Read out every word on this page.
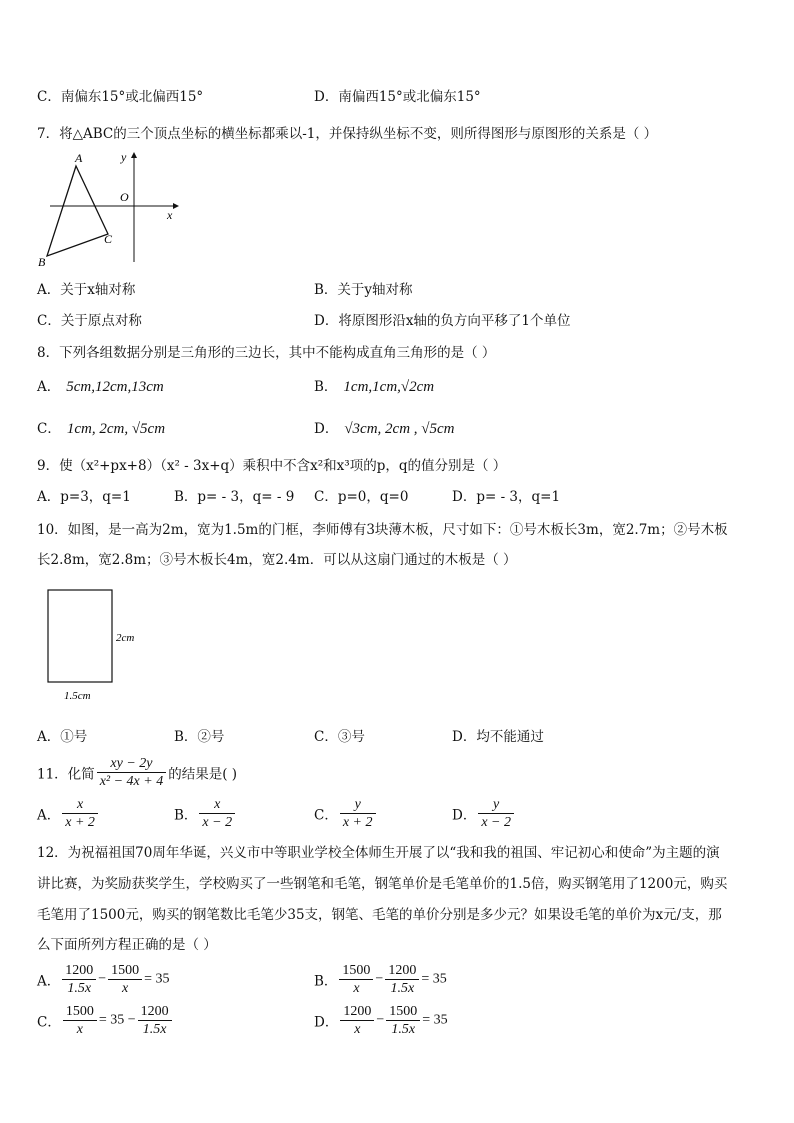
C．南偏东15°或北偏西15°	D．南偏西15°或北偏东15°
7．将△ABC的三个顶点坐标的横坐标都乘以-1，并保持纵坐标不变，则所得图形与原图形的关系是（ ）
A
B
C
O
x
y
A．关于x轴对称	B．关于y轴对称
C．关于原点对称	D．将原图形沿x轴的负方向平移了1个单位
8．下列各组数据分别是三角形的三边长，其中不能构成直角三角形的是（ ）
A． 5cm,12cm,13cm	B． 1cm,1cm,√2cm
C． 1cm, 2cm, √5cm	D． √3cm, 2cm , √5cm
9．使（x²+px+8）（x² - 3x+q）乘积中不含x²和x³项的p，q的值分别是（ ）
A．p=3，q=1	B．p= - 3，q= - 9 C．p=0，q=0	D．p= - 3，q=1
10．如图，是一高为2m，宽为1.5m的门框，李师傅有3块薄木板，尺寸如下：①号木板长3m，宽2.7m；②号木板
长2.8m，宽2.8m；③号木板长4m，宽2.4m．可以从这扇门通过的木板是（ ）
2cm
1.5cm
A．①号	B．②号	C．③号	D．均不能通过
11．化简 $\frac{xy - 2y}{\text{x² − 4x + 4}}$ 的结果是( )
A． $\frac{x}{x + 2}$	B． $\frac{x}{x - 2}$	C． $\frac{y}{x + 2}$	D． $\frac{y}{x - 2}$
12．为祝福祖国70周年华诞，兴义市中等职业学校全体师生开展了以“我和我的祖国、牢记初心和使命”为主题的演
讲比赛，为奖励获奖学生，学校购买了一些钢笔和毛笔，钢笔单价是毛笔单价的1.5倍，购买钢笔用了1200元，购买
毛笔用了1500元，购买的钢笔数比毛笔少35支，钢笔、毛笔的单价分别是多少元？如果设毛笔的单价为x元/支，那
么下面所列方程正确的是（ ）
A． $\frac{1200}{1.5x} - \frac{1500}{x} = 35$	B． $\frac{1500}{x} - \frac{1200}{1.5x} = 35$
C． $\frac{1500}{x} = 35 - \frac{1200}{1.5x}$	D． $\frac{1200}{x} - \frac{1500}{1.5x} = 35$
